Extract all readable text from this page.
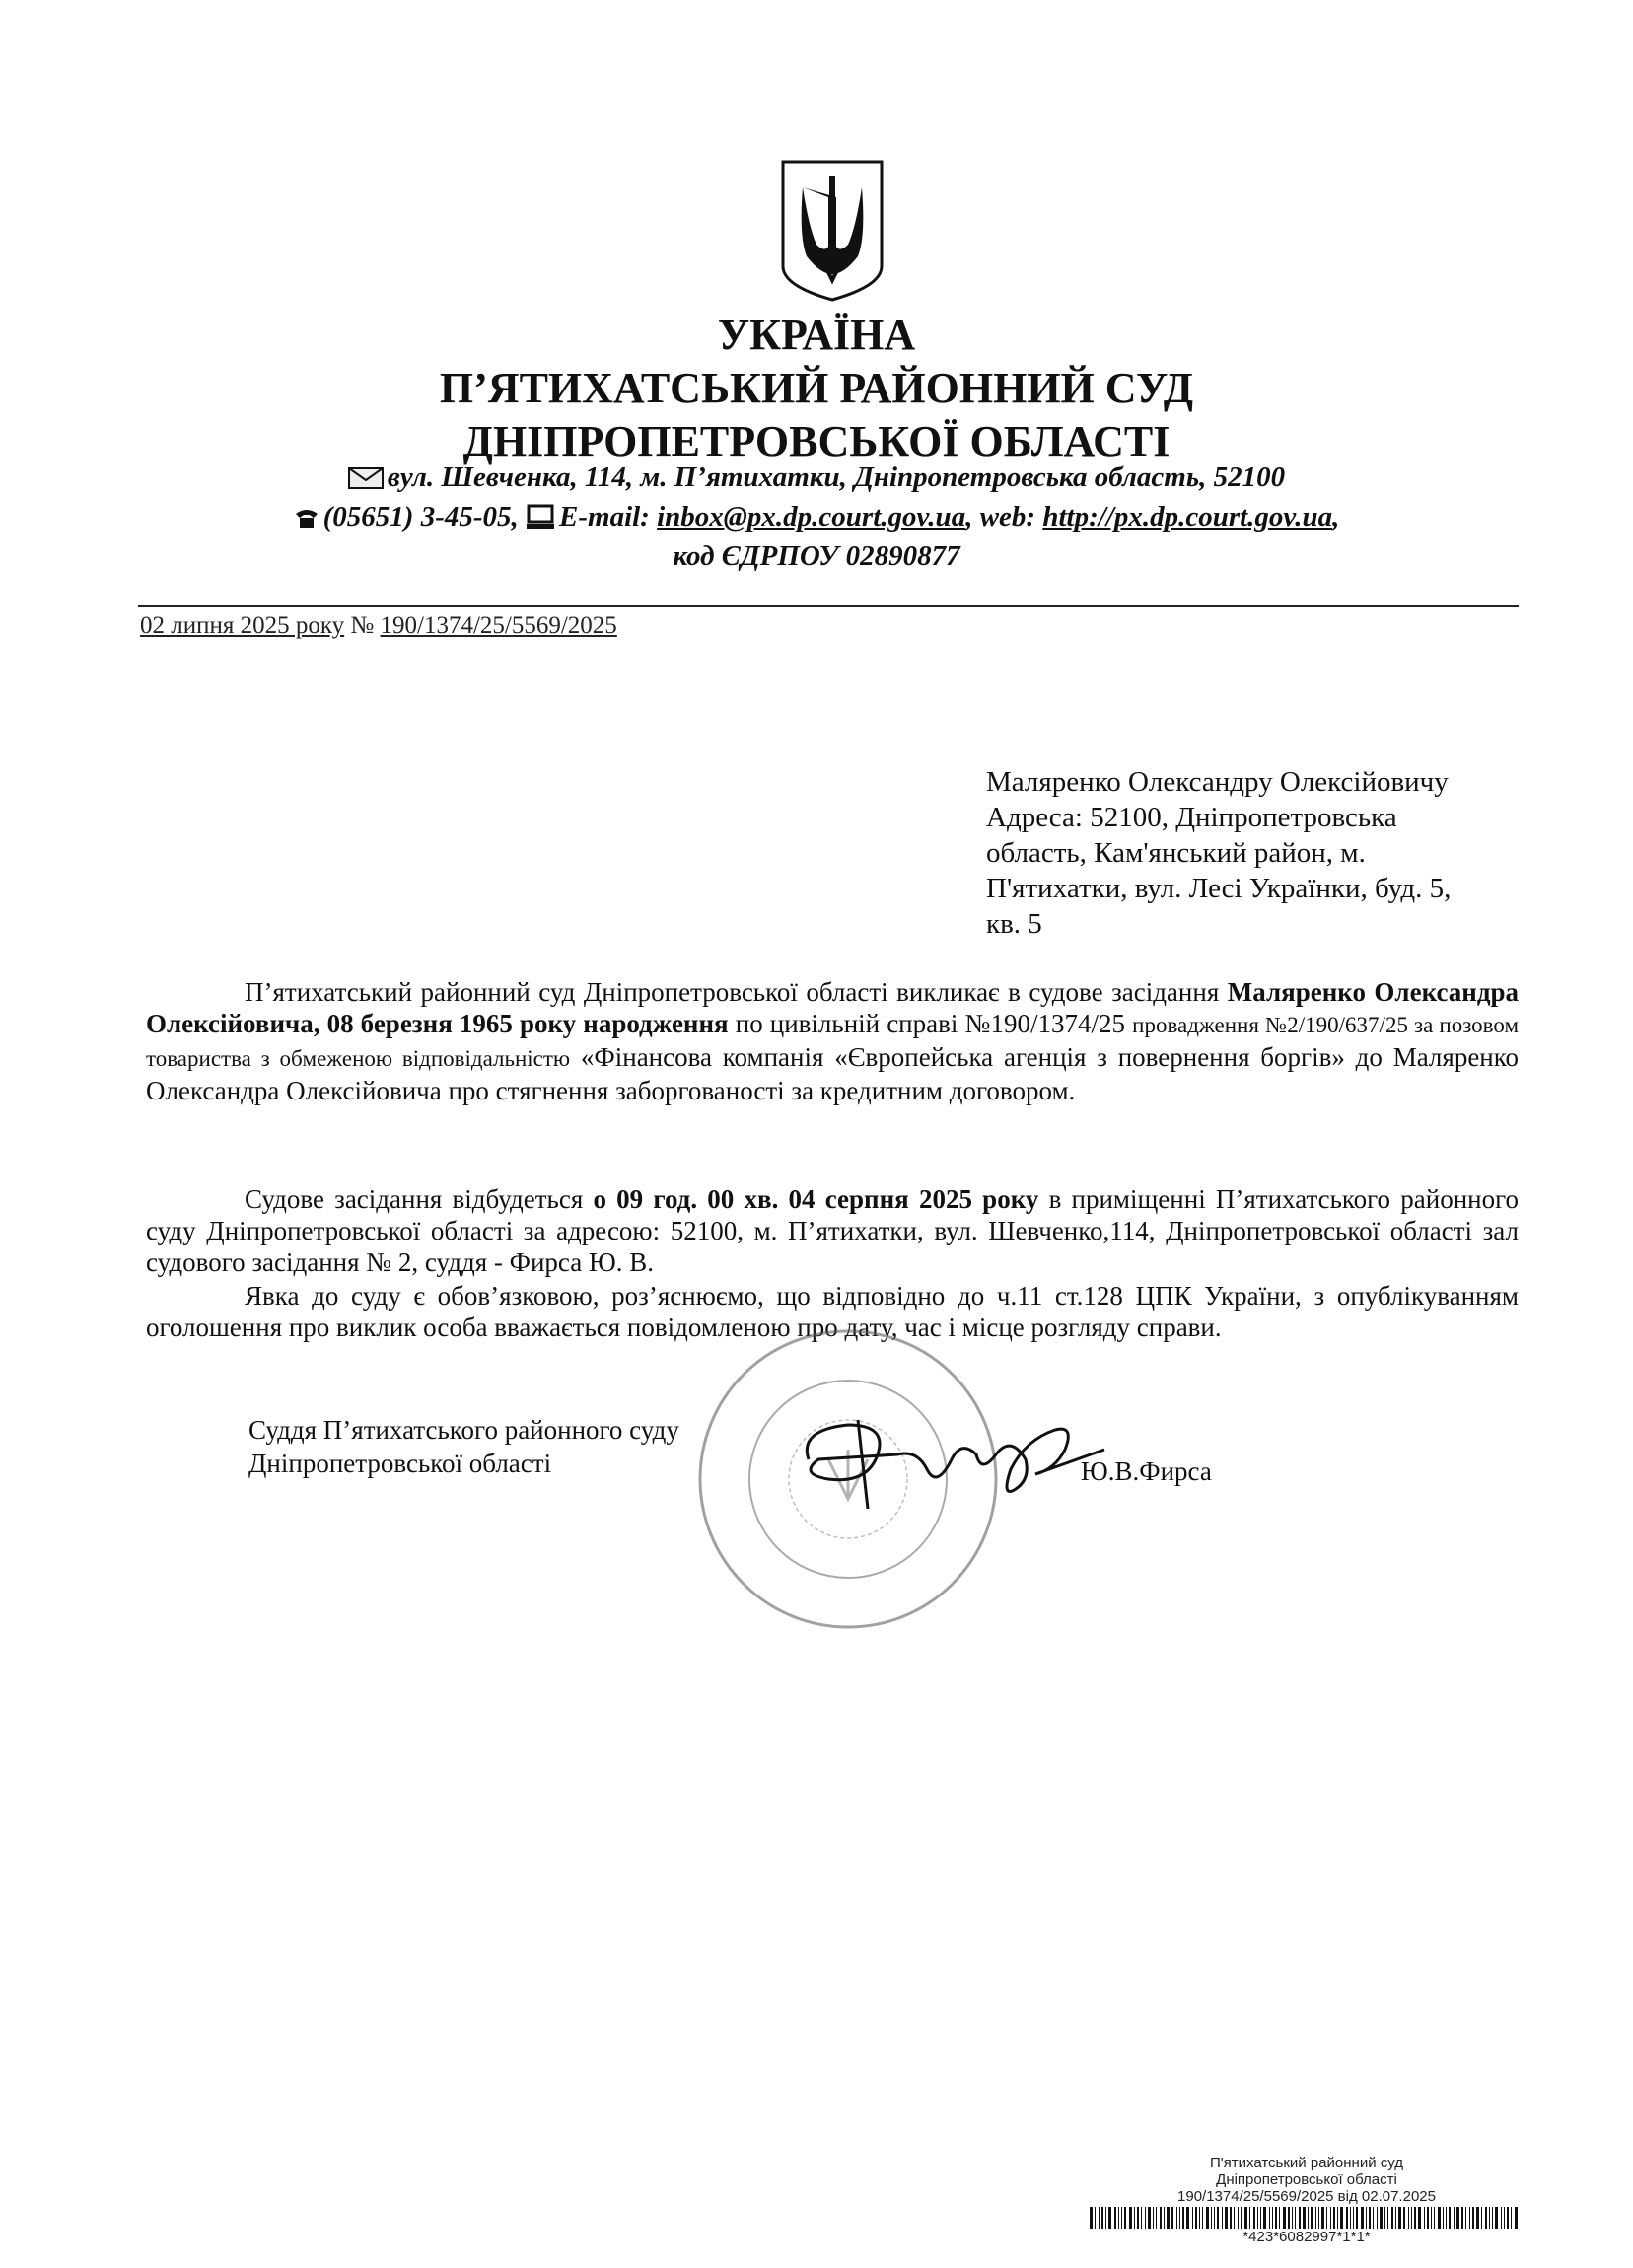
УКРАЇНА
П’ЯТИХАТСЬКИЙ РАЙОННИЙ СУД
ДНІПРОПЕТРОВСЬКОЇ ОБЛАСТІ
вул. Шевченка, 114, м. П’ятихатки, Дніпропетровська область, 52100
(05651) 3-45-05, E-mail: inbox@px.dp.court.gov.ua, web: http://px.dp.court.gov.ua,
код ЄДРПОУ 02890877
02 липня 2025 року № 190/1374/25/5569/2025
Маляренко Олександру Олексійовичу
Адреса: 52100, Дніпропетровська
область, Кам'янський район, м.
П'ятихатки, вул. Лесі Українки, буд. 5,
кв. 5

П’ятихатський районний суд Дніпропетровської області викликає в судове засідання Маляренко Олександра Олексійовича, 08 березня 1965 року народження по цивільній справі №190/1374/25 провадження №2/190/637/25 за позовом товариства з обмеженою відповідальністю «Фінансова компанія «Європейська агенція з повернення боргів» до Маляренко Олександра Олексійовича про стягнення заборгованості за кредитним договором.

Судове засідання відбудеться о 09 год. 00 хв. 04 серпня 2025 року в приміщенні П’ятихатського районного суду Дніпропетровської області за адресою: 52100, м. П’ятихатки, вул. Шевченко,114, Дніпропетровської області зал судового засідання № 2, суддя - Фирса Ю. В.

Явка до суду є обов’язковою, роз’яснюємо, що відповідно до ч.11 ст.128 ЦПК України, з опублікуванням оголошення про виклик особа вважається повідомленою про дату, час і місце розгляду справи.

Суддя П’ятихатського районного суду
Дніпропетровської області	Ю.В.Фирса
П'ятихатський районний суд
Дніпропетровської області
190/1374/25/5569/2025 від 02.07.2025
*423*6082997*1*1*
